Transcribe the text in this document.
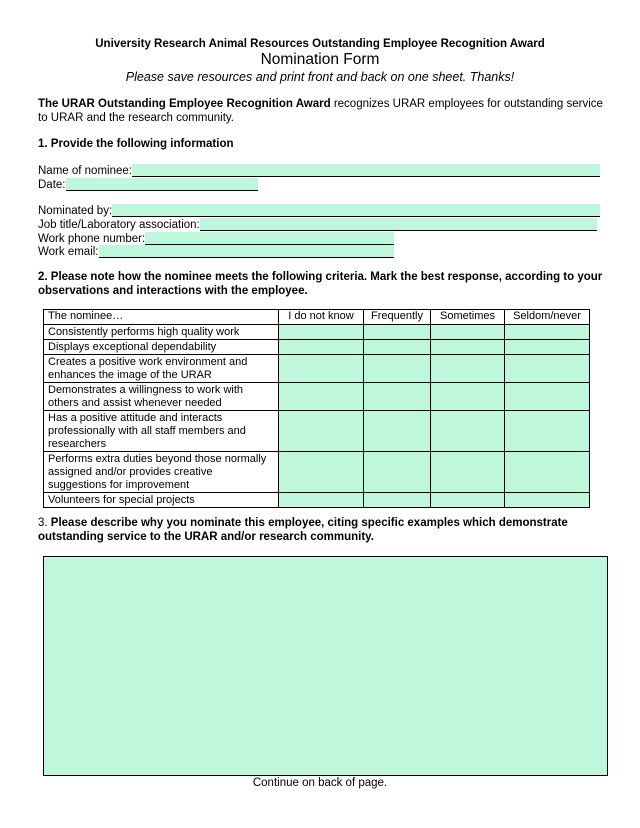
University Research Animal Resources Outstanding Employee Recognition Award
Nomination Form
Please save resources and print front and back on one sheet. Thanks!
The URAR Outstanding Employee Recognition Award recognizes URAR employees for outstanding service to URAR and the research community.
1. Provide the following information
Name of nominee:
Date:
Nominated by:
Job title/Laboratory association:
Work phone number:
Work email:
2. Please note how the nominee meets the following criteria. Mark the best response, according to your observations and interactions with the employee.
The nominee…	I do not know	Frequently	Sometimes	Seldom/never
Consistently performs high quality work				
Displays exceptional dependability				
Creates a positive work environment and enhances the image of the URAR				
Demonstrates a willingness to work with others and assist whenever needed				
Has a positive attitude and interacts professionally with all staff members and researchers				
Performs extra duties beyond those normally assigned and/or provides creative suggestions for improvement				
Volunteers for special projects				
3. Please describe why you nominate this employee, citing specific examples which demonstrate outstanding service to the URAR and/or research community.
Continue on back of page.
